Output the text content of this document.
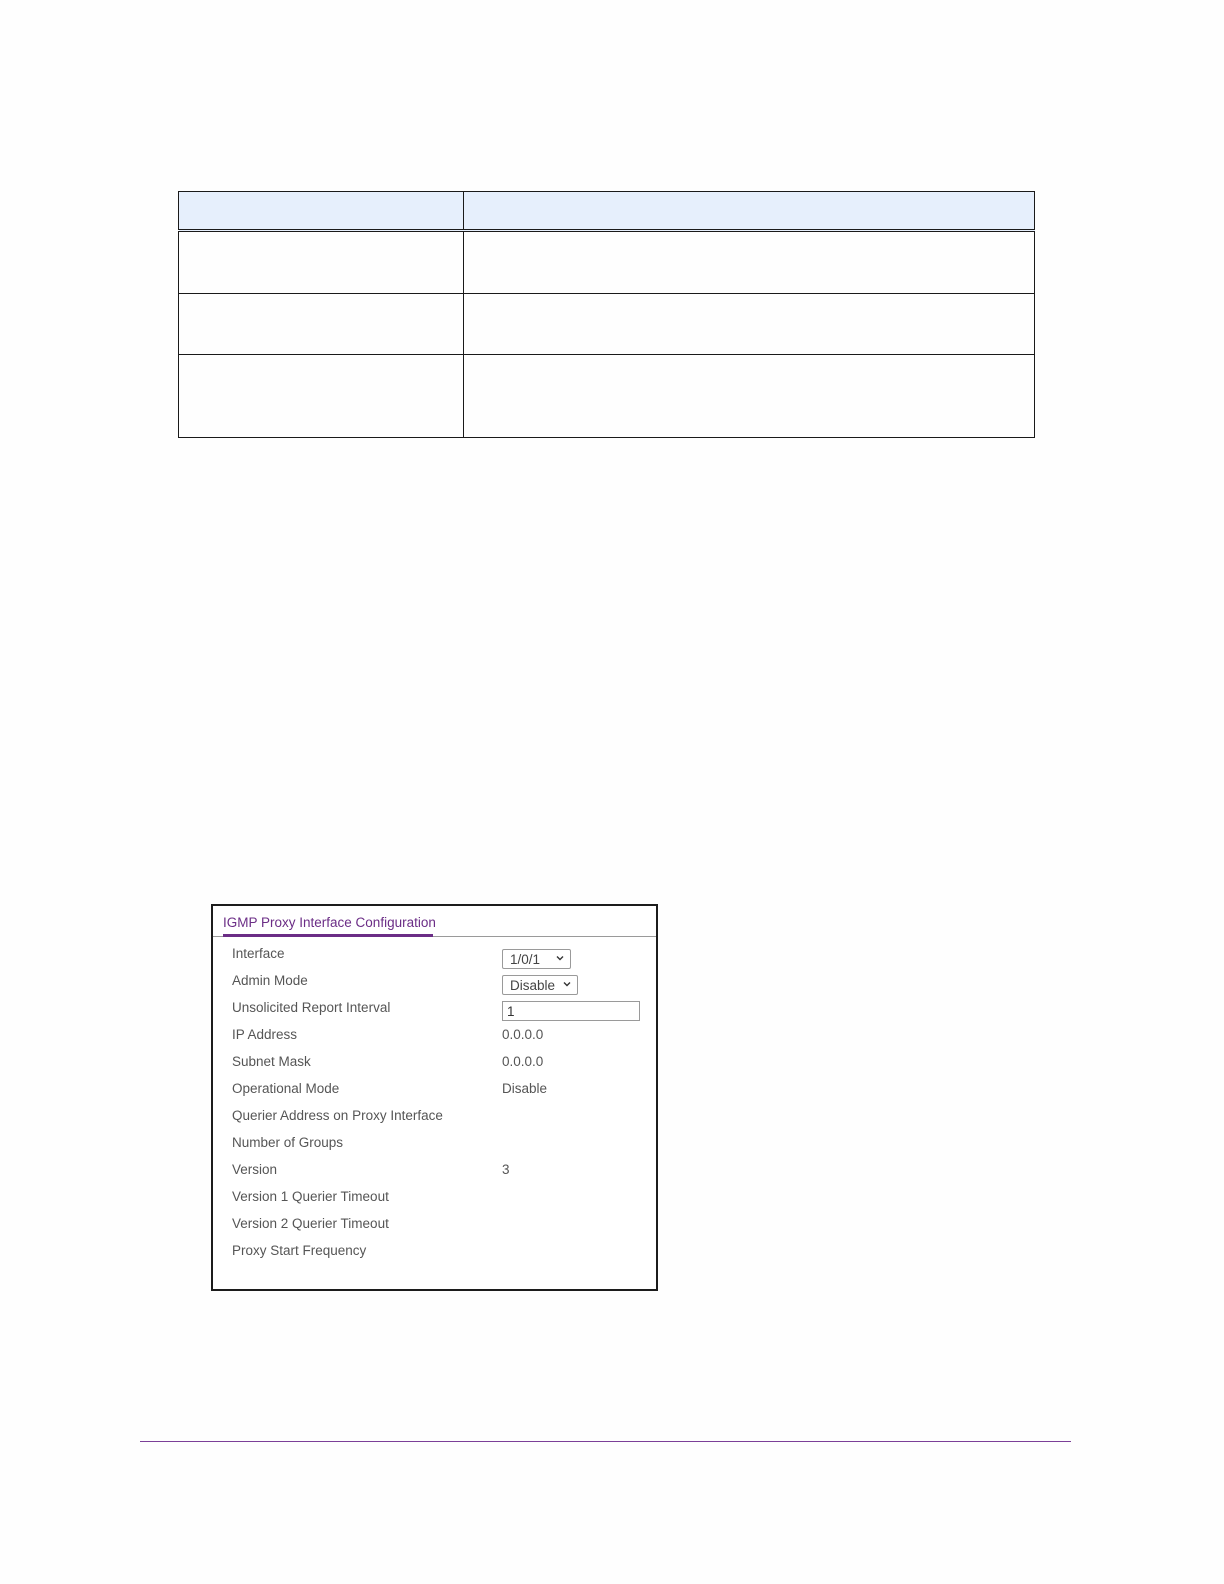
IGMP Proxy Interface Configuration
Interface	1/0/1
Admin Mode	Disable
Unsolicited Report Interval	1
IP Address	0.0.0.0
Subnet Mask	0.0.0.0
Operational Mode	Disable
Querier Address on Proxy Interface
Number of Groups
Version	3
Version 1 Querier Timeout
Version 2 Querier Timeout
Proxy Start Frequency
